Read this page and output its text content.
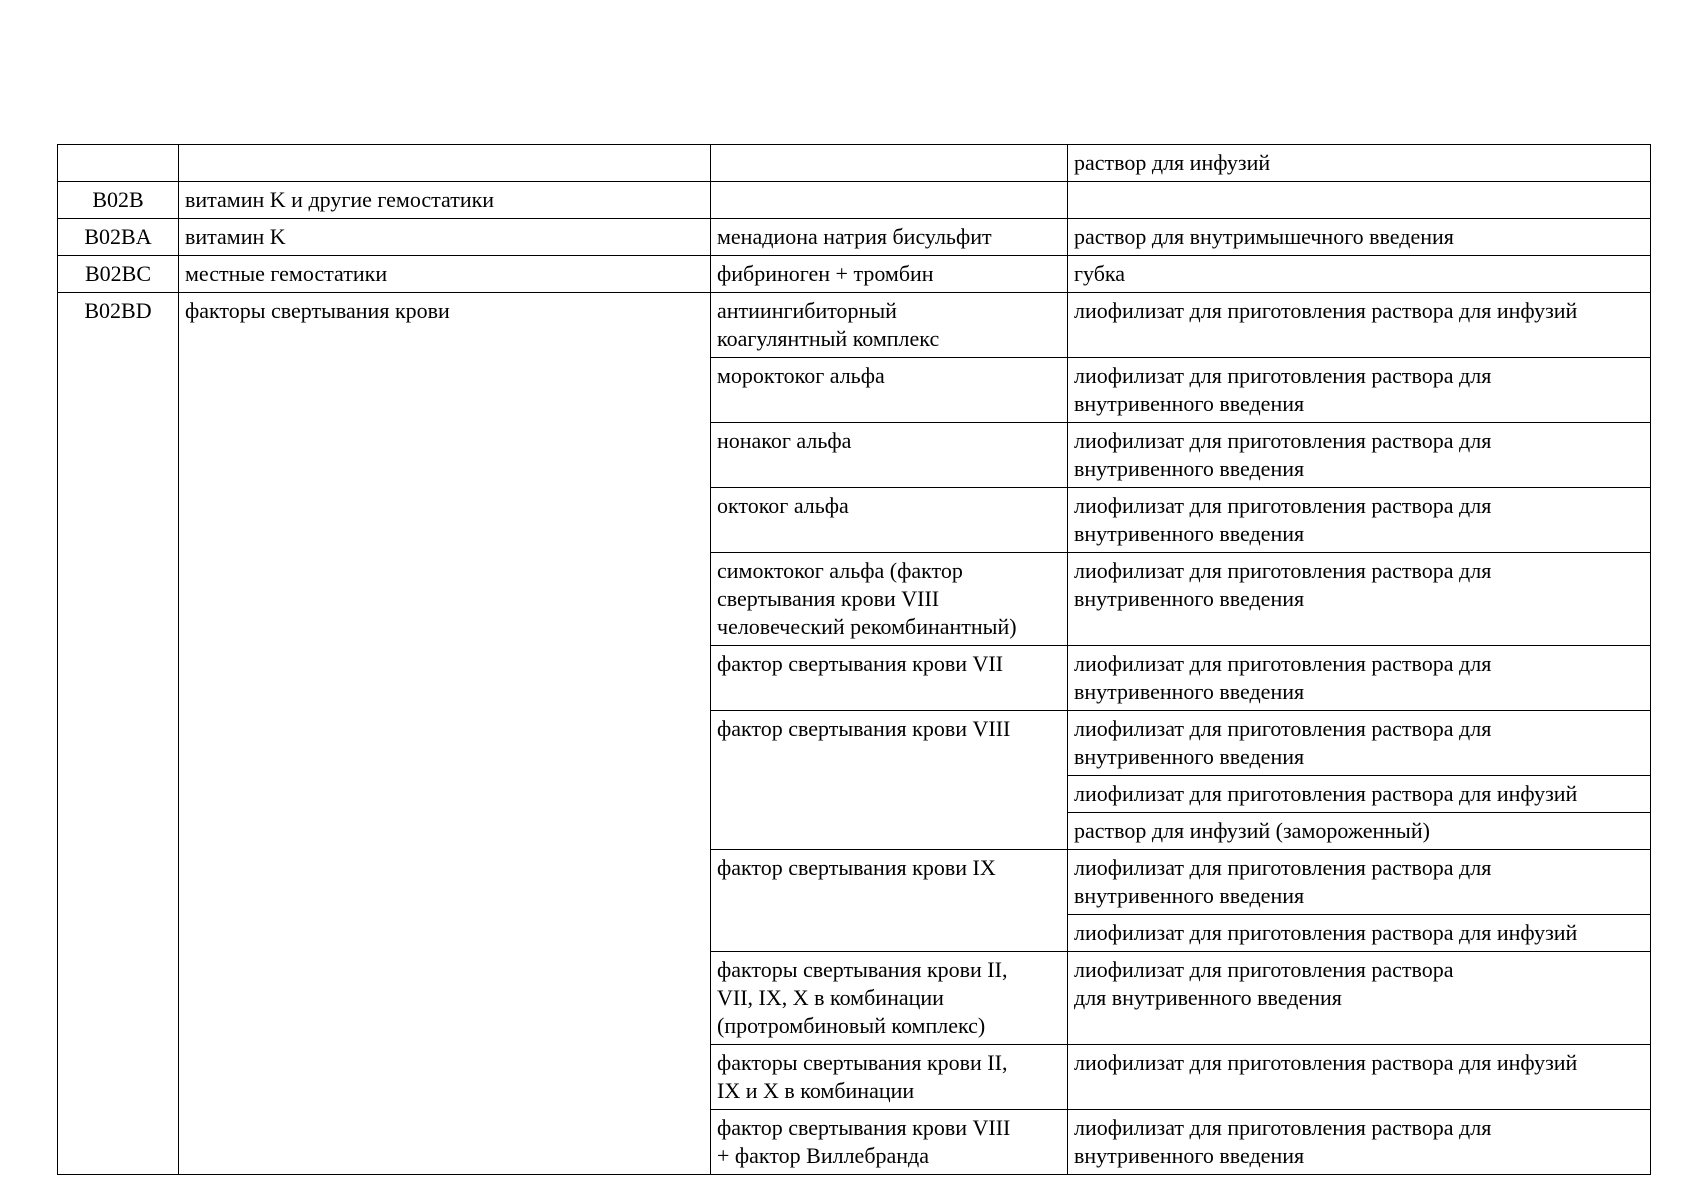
			раствор для инфузий

B02B	витамин K и другие гемостатики		

B02BA	витамин K	менадиона натрия бисульфит	раствор для внутримышечного введения

B02BC	местные гемостатики	фибриноген + тромбин	губка

B02BD	факторы свертывания крови	антиингибиторный
коагулянтный комплекс	лиофилизат для приготовления раствора для инфузий

		мороктоког альфа	лиофилизат для приготовления раствора для
внутривенного введения

		нонаког альфа	лиофилизат для приготовления раствора для
внутривенного введения

		октоког альфа	лиофилизат для приготовления раствора для
внутривенного введения

		симоктоког альфа (фактор
свертывания крови VIII
человеческий рекомбинантный)	лиофилизат для приготовления раствора для
внутривенного введения

		фактор свертывания крови VII	лиофилизат для приготовления раствора для
внутривенного введения

		фактор свертывания крови VIII	лиофилизат для приготовления раствора для
внутривенного введения

			лиофилизат для приготовления раствора для инфузий

			раствор для инфузий (замороженный)

		фактор свертывания крови IX	лиофилизат для приготовления раствора для
внутривенного введения

			лиофилизат для приготовления раствора для инфузий

		факторы свертывания крови II,
VII, IX, X в комбинации
(протромбиновый комплекс)	лиофилизат для приготовления раствора
для внутривенного введения

		факторы свертывания крови II,
IX и X в комбинации	лиофилизат для приготовления раствора для инфузий

		фактор свертывания крови VIII
+ фактор Виллебранда	лиофилизат для приготовления раствора для
внутривенного введения
